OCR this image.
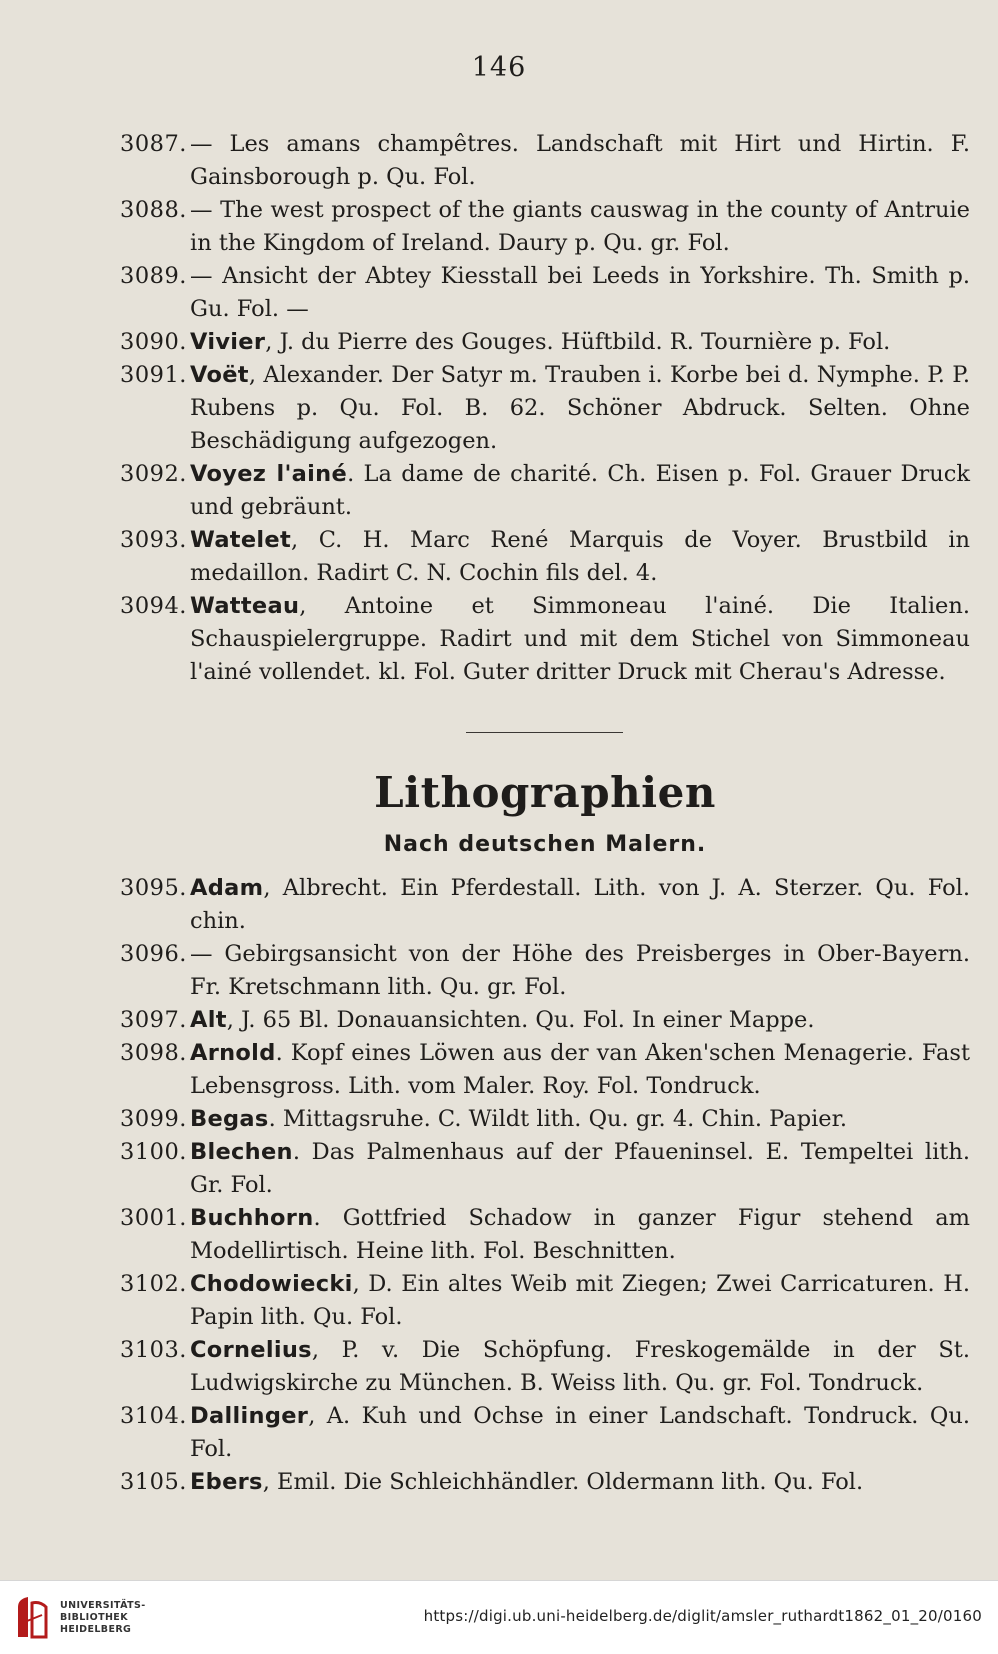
146

3087. — Les amans champêtres. Landschaft mit Hirt und Hirtin. F. Gainsborough p. Qu. Fol.

3088. — The west prospect of the giants causwag in the county of Antruie in the Kingdom of Ireland. Daury p. Qu. gr. Fol.

3089. — Ansicht der Abtey Kiesstall bei Leeds in Yorkshire. Th. Smith p. Gu. Fol. —

3090. Vivier, J. du Pierre des Gouges. Hüftbild. R. Tournière p. Fol.

3091. Voët, Alexander. Der Satyr m. Trauben i. Korbe bei d. Nymphe. P. P. Rubens p. Qu. Fol. B. 62. Schöner Abdruck. Selten. Ohne Beschädigung aufgezogen.

3092. Voyez l'ainé. La dame de charité. Ch. Eisen p. Fol. Grauer Druck und gebräunt.

3093. Watelet, C. H. Marc René Marquis de Voyer. Brustbild in medaillon. Radirt C. N. Cochin fils del. 4.

3094. Watteau, Antoine et Simmoneau l'ainé. Die Italien. Schauspielergruppe. Radirt und mit dem Stichel von Simmoneau l'ainé vollendet. kl. Fol. Guter dritter Druck mit Cherau's Adresse.

Lithographien
Nach deutschen Malern.

3095. Adam, Albrecht. Ein Pferdestall. Lith. von J. A. Sterzer. Qu. Fol. chin.

3096. — Gebirgsansicht von der Höhe des Preisberges in Ober-Bayern. Fr. Kretschmann lith. Qu. gr. Fol.

3097. Alt, J. 65 Bl. Donauansichten. Qu. Fol. In einer Mappe.

3098. Arnold. Kopf eines Löwen aus der van Aken'schen Menagerie. Fast Lebensgross. Lith. vom Maler. Roy. Fol. Tondruck.

3099. Begas. Mittagsruhe. C. Wildt lith. Qu. gr. 4. Chin. Papier.

3100. Blechen. Das Palmenhaus auf der Pfaueninsel. E. Tempeltei lith. Gr. Fol.

3001. Buchhorn. Gottfried Schadow in ganzer Figur stehend am Modellirtisch. Heine lith. Fol. Beschnitten.

3102. Chodowiecki, D. Ein altes Weib mit Ziegen; Zwei Carricaturen. H. Papin lith. Qu. Fol.

3103. Cornelius, P. v. Die Schöpfung. Freskogemälde in der St. Ludwigskirche zu München. B. Weiss lith. Qu. gr. Fol. Tondruck.

3104. Dallinger, A. Kuh und Ochse in einer Landschaft. Tondruck. Qu. Fol.

3105. Ebers, Emil. Die Schleichhändler. Oldermann lith. Qu. Fol.

UNIVERSITÄTS-
BIBLIOTHEK
HEIDELBERG
https://digi.ub.uni-heidelberg.de/diglit/amsler_ruthardt1862_01_20/0160
